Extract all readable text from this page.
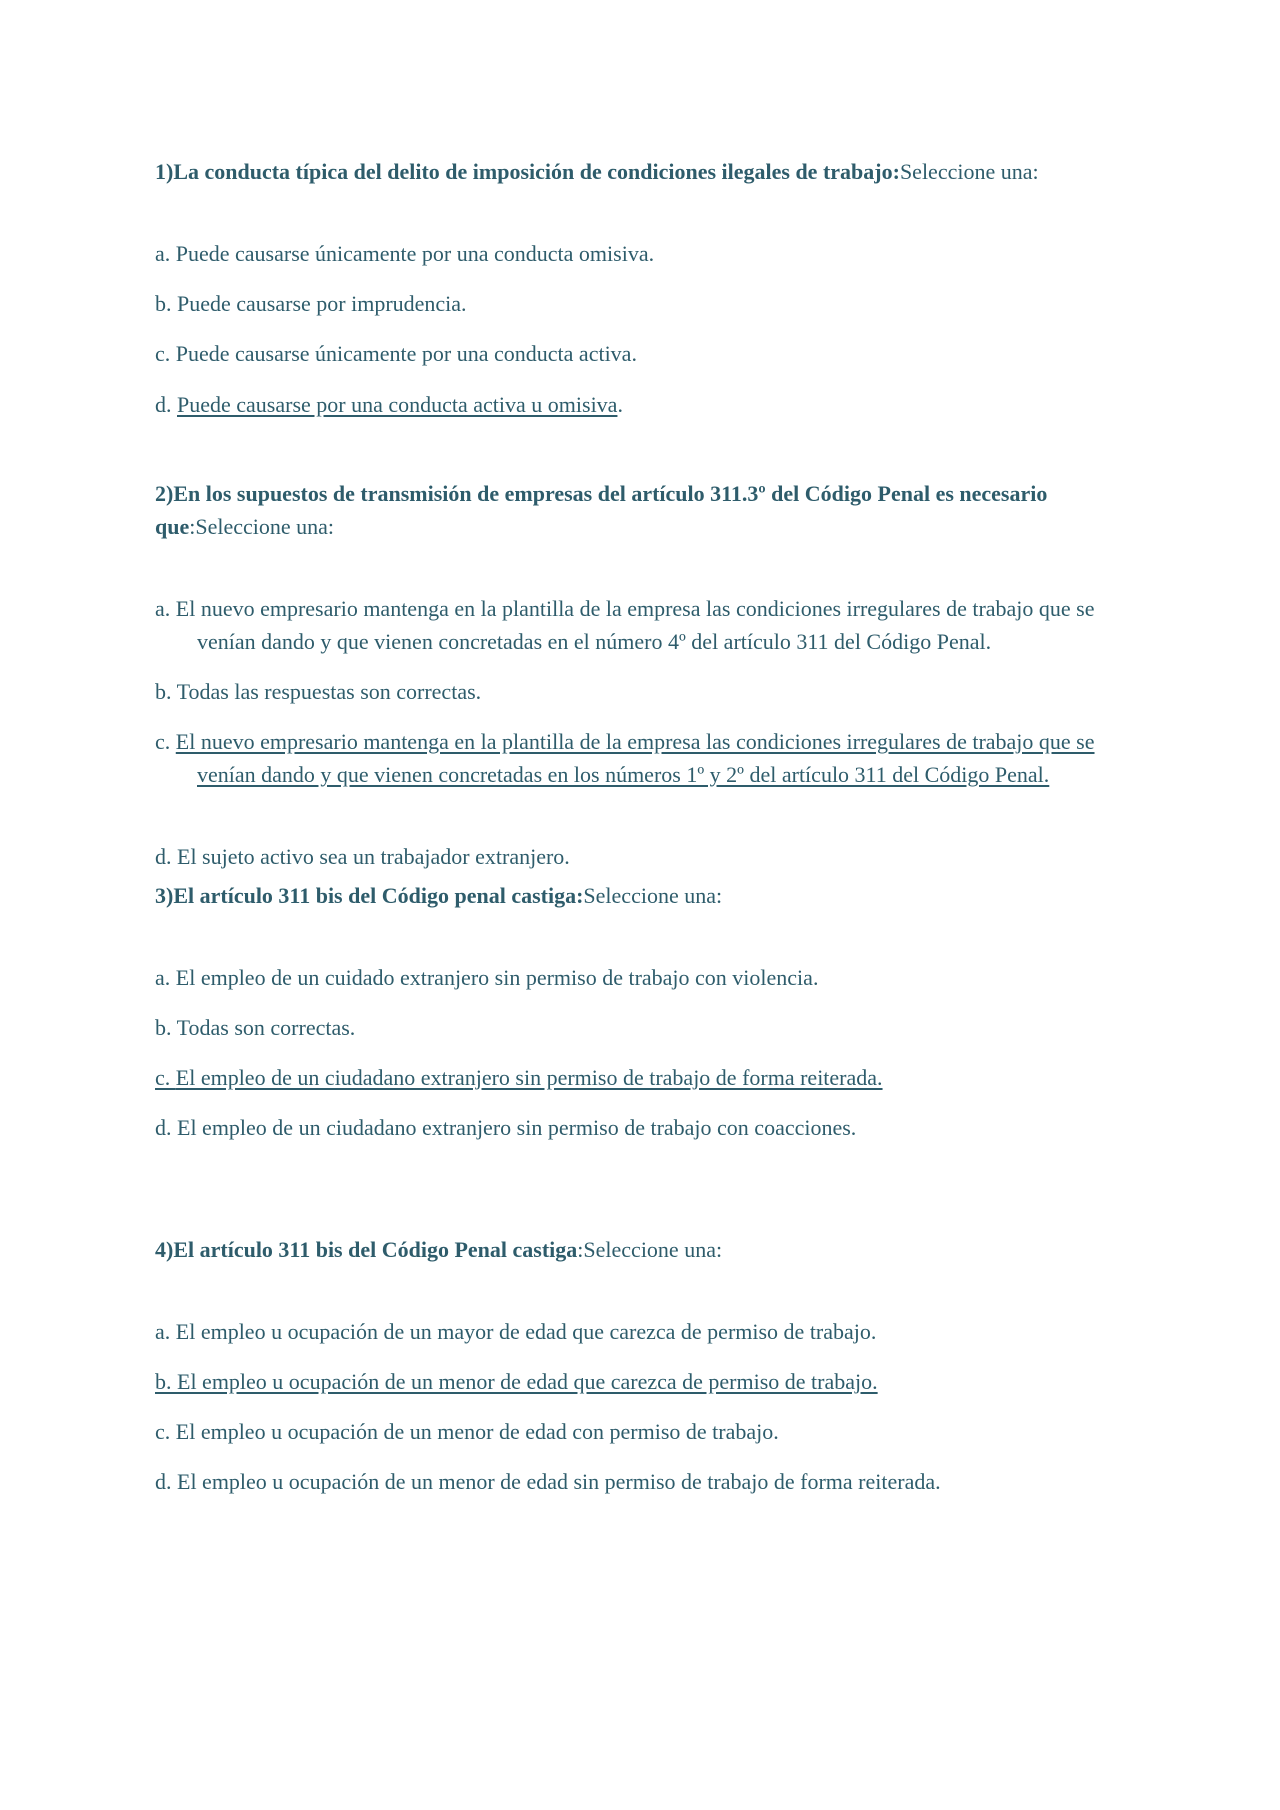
1)La conducta típica del delito de imposición de condiciones ilegales de trabajo:Seleccione una:
a. Puede causarse únicamente por una conducta omisiva.
b. Puede causarse por imprudencia.
c. Puede causarse únicamente por una conducta activa.
d. Puede causarse por una conducta activa u omisiva.
2)En los supuestos de transmisión de empresas del artículo 311.3º del Código Penal es necesario que:Seleccione una:
a. El nuevo empresario mantenga en la plantilla de la empresa las condiciones irregulares de trabajo que se venían dando y que vienen concretadas en el número 4º del artículo 311 del Código Penal.
b. Todas las respuestas son correctas.
c. El nuevo empresario mantenga en la plantilla de la empresa las condiciones irregulares de trabajo que se venían dando y que vienen concretadas en los números 1º y 2º del artículo 311 del Código Penal.
d. El sujeto activo sea un trabajador extranjero.
3)El artículo 311 bis del Código penal castiga:Seleccione una:
a. El empleo de un cuidado extranjero sin permiso de trabajo con violencia.
b. Todas son correctas.
c. El empleo de un ciudadano extranjero sin permiso de trabajo de forma reiterada.
d. El empleo de un ciudadano extranjero sin permiso de trabajo con coacciones.
4)El artículo 311 bis del Código Penal castiga:Seleccione una:
a. El empleo u ocupación de un mayor de edad que carezca de permiso de trabajo.
b. El empleo u ocupación de un menor de edad que carezca de permiso de trabajo.
c. El empleo u ocupación de un menor de edad con permiso de trabajo.
d. El empleo u ocupación de un menor de edad sin permiso de trabajo de forma reiterada.
